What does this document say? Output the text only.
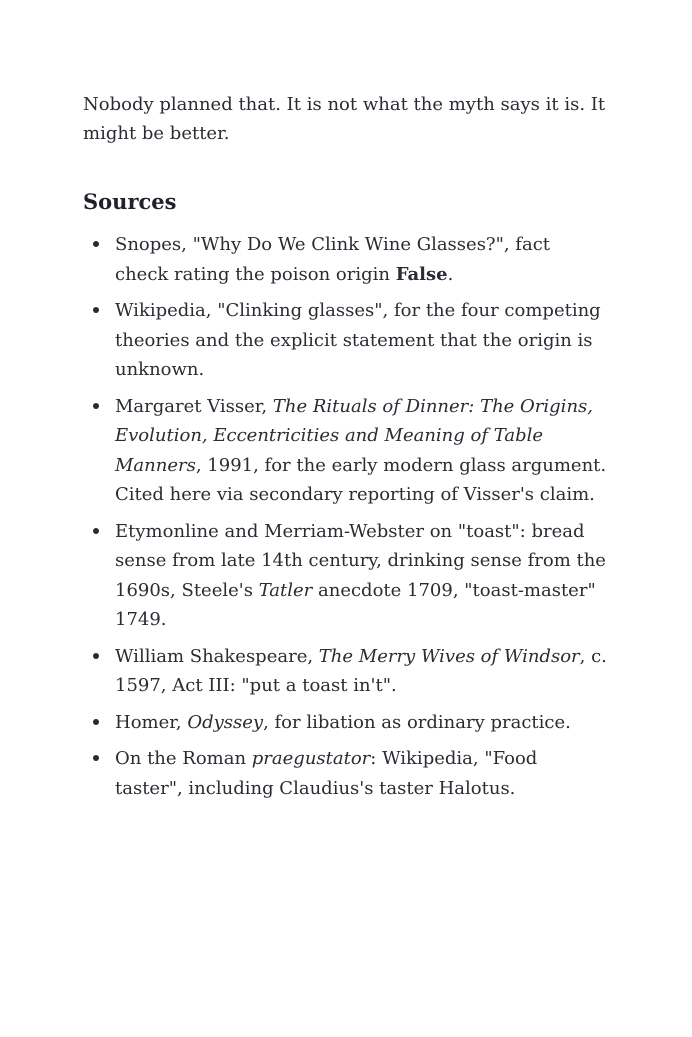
Nobody planned that. It is not what the myth says it is. It might be better.

Sources
Snopes, "Why Do We Clink Wine Glasses?", fact check rating the poison origin False.
Wikipedia, "Clinking glasses", for the four competing theories and the explicit statement that the origin is unknown.
Margaret Visser, The Rituals of Dinner: The Origins, Evolution, Eccentricities and Meaning of Table Manners, 1991, for the early modern glass argument. Cited here via secondary reporting of Visser's claim.
Etymonline and Merriam-Webster on "toast": bread sense from late 14th century, drinking sense from the 1690s, Steele's Tatler anecdote 1709, "toast-master" 1749.
William Shakespeare, The Merry Wives of Windsor, c. 1597, Act III: "put a toast in't".
Homer, Odyssey, for libation as ordinary practice.
On the Roman praegustator: Wikipedia, "Food taster", including Claudius's taster Halotus.
